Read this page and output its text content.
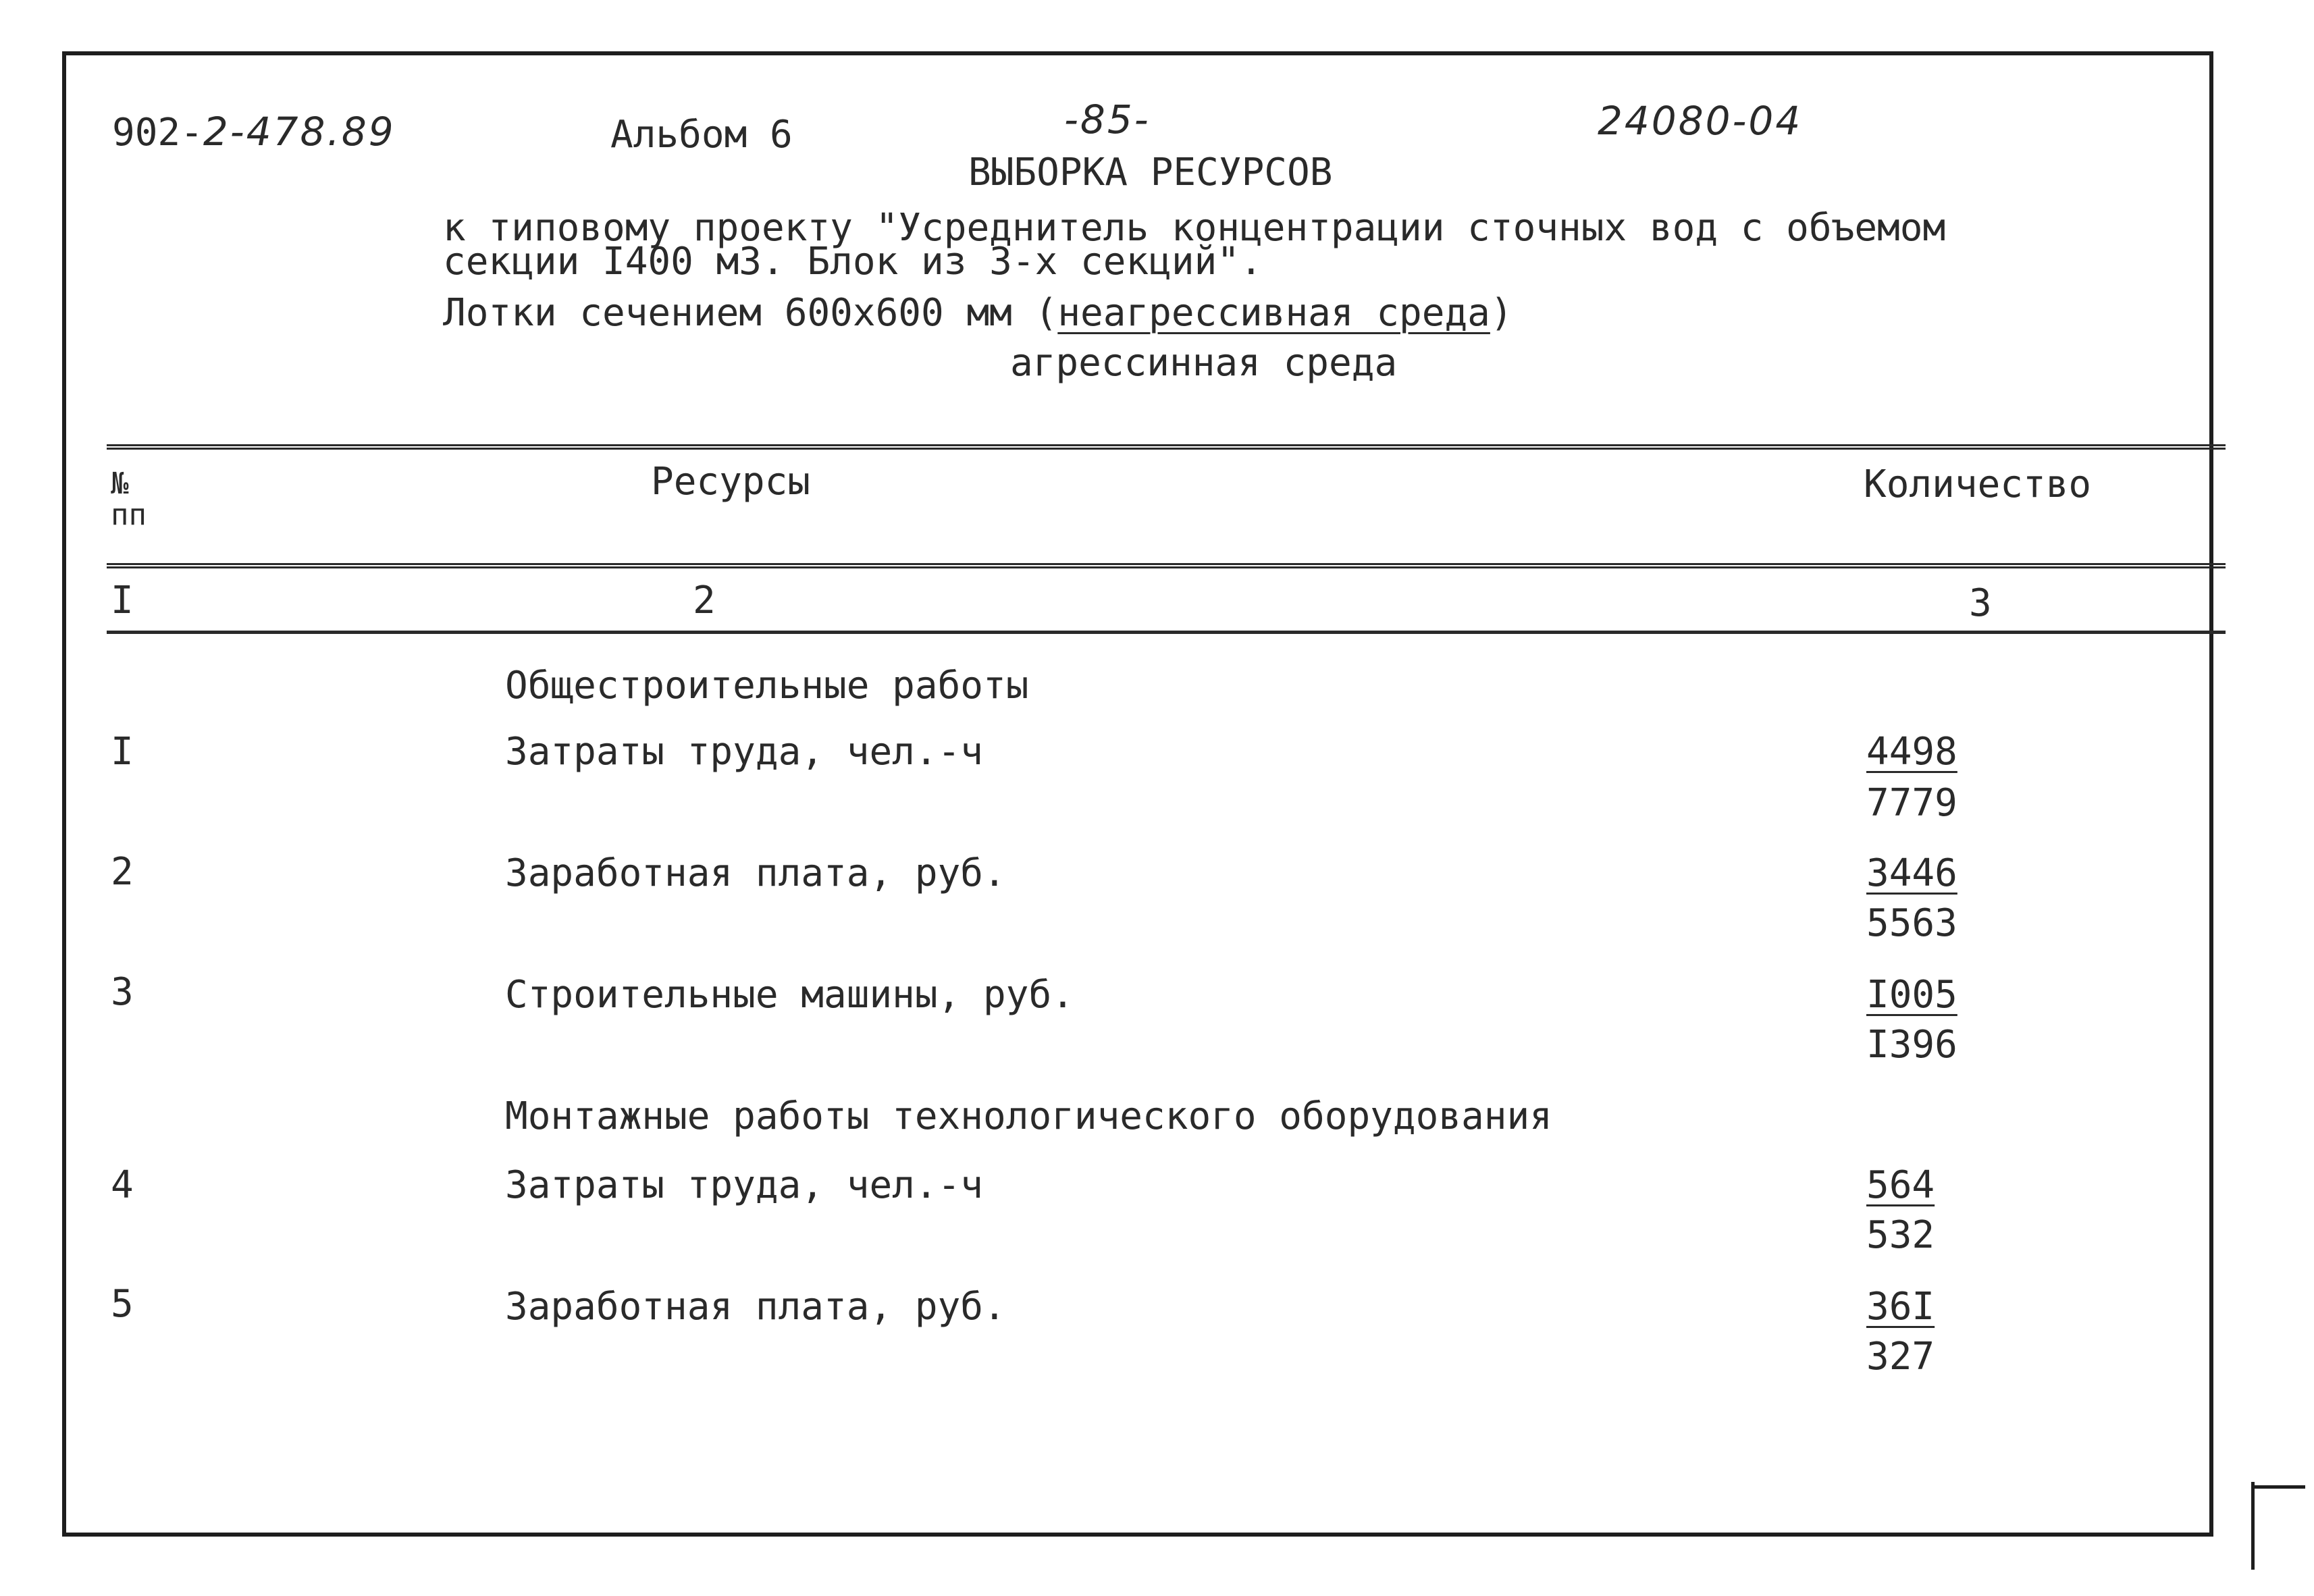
902-2-478.89	Альбом 6	-85-	24080-04
ВЫБОРКА РЕСУРСОВ
к типовому проекту "Усреднитель концентрации сточных вод с объемом
секции I400 м3. Блок из 3-х секций".
Лотки сечением 600х600 мм (неагрессивная среда)
агрессинная среда
№
пп
Ресурсы	Количество
I	2	3
Общестроительные работы
I	Затраты труда, чел.-ч	4498
7779
2	Заработная плата, руб.	3446
5563
3	Строительные машины, руб.	I005
I396
Монтажные работы технологического оборудования
4	Затраты труда, чел.-ч	564
532
5	Заработная плата, руб.	36I
327
